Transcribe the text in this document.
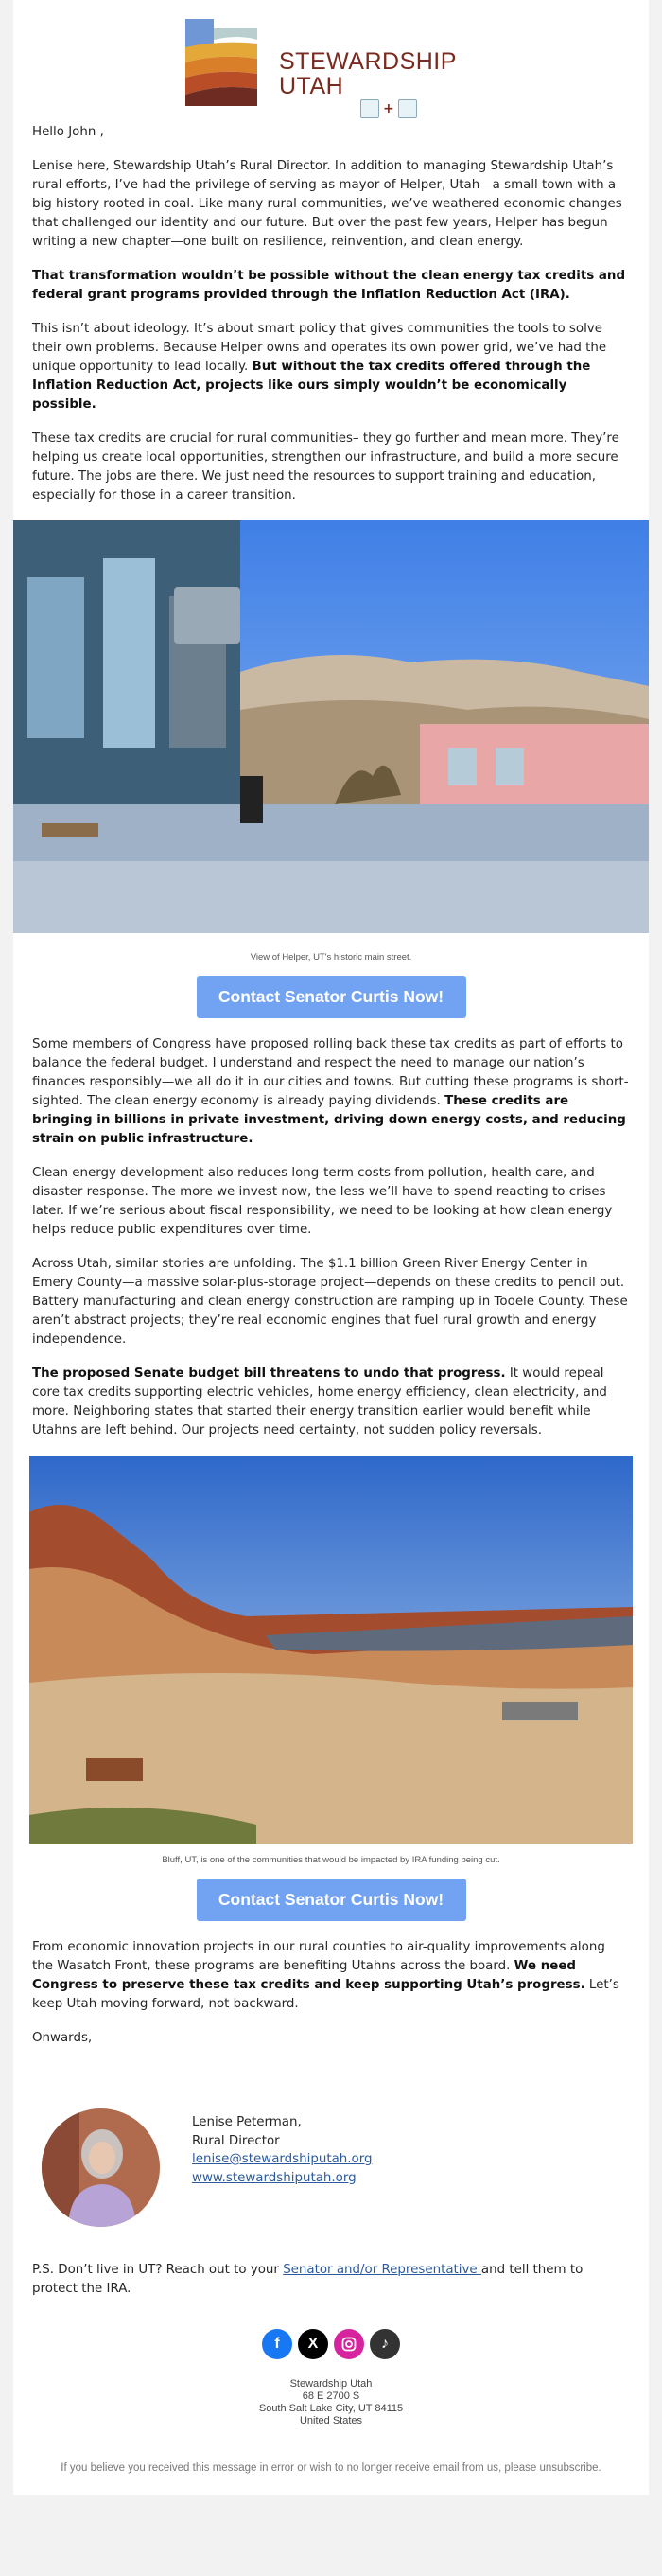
STEWARDSHIP
UTAH
+

Hello John ,

Lenise here, Stewardship Utah’s Rural Director. In addition to managing Stewardship Utah’s rural efforts, I’ve had the privilege of serving as mayor of Helper, Utah—a small town with a big history rooted in coal. Like many rural communities, we’ve weathered economic changes that challenged our identity and our future. But over the past few years, Helper has begun writing a new chapter—one built on resilience, reinvention, and clean energy.

That transformation wouldn’t be possible without the clean energy tax credits and federal grant programs provided through the Inflation Reduction Act (IRA).

This isn’t about ideology. It’s about smart policy that gives communities the tools to solve their own problems. Because Helper owns and operates its own power grid, we’ve had the unique opportunity to lead locally. But without the tax credits offered through the Inflation Reduction Act, projects like ours simply wouldn’t be economically possible.

These tax credits are crucial for rural communities– they go further and mean more. They’re helping us create local opportunities, strengthen our infrastructure, and build a more secure future. The jobs are there. We just need the resources to support training and education, especially for those in a career transition.

View of Helper, UT's historic main street.
Contact Senator Curtis Now!

Some members of Congress have proposed rolling back these tax credits as part of efforts to balance the federal budget. I understand and respect the need to manage our nation’s finances responsibly—we all do it in our cities and towns. But cutting these programs is short-sighted. The clean energy economy is already paying dividends. These credits are bringing in billions in private investment, driving down energy costs, and reducing strain on public infrastructure.

Clean energy development also reduces long-term costs from pollution, health care, and disaster response. The more we invest now, the less we’ll have to spend reacting to crises later. If we’re serious about fiscal responsibility, we need to be looking at how clean energy helps reduce public expenditures over time.

Across Utah, similar stories are unfolding. The $1.1 billion Green River Energy Center in Emery County—a massive solar-plus-storage project—depends on these credits to pencil out. Battery manufacturing and clean energy construction are ramping up in Tooele County. These aren’t abstract projects; they’re real economic engines that fuel rural growth and energy independence.

The proposed Senate budget bill threatens to undo that progress. It would repeal core tax credits supporting electric vehicles, home energy efficiency, clean electricity, and more. Neighboring states that started their energy transition earlier would benefit while Utahns are left behind. Our projects need certainty, not sudden policy reversals.

Bluff, UT, is one of the communities that would be impacted by IRA funding being cut.
Contact Senator Curtis Now!

From economic innovation projects in our rural counties to air-quality improvements along the Wasatch Front, these programs are benefiting Utahns across the board. We need Congress to preserve these tax credits and keep supporting Utah’s progress. Let’s keep Utah moving forward, not backward.

Onwards,

Lenise Peterman,
Rural Director
lenise@stewardshiputah.org
www.stewardshiputah.org
P.S. Don’t live in UT? Reach out to your Senator and/or Representative and tell them to protect the IRA.
f	X	♪
Stewardship Utah
68 E 2700 S
South Salt Lake City, UT 84115
United States
If you believe you received this message in error or wish to no longer receive email from us, please unsubscribe.
